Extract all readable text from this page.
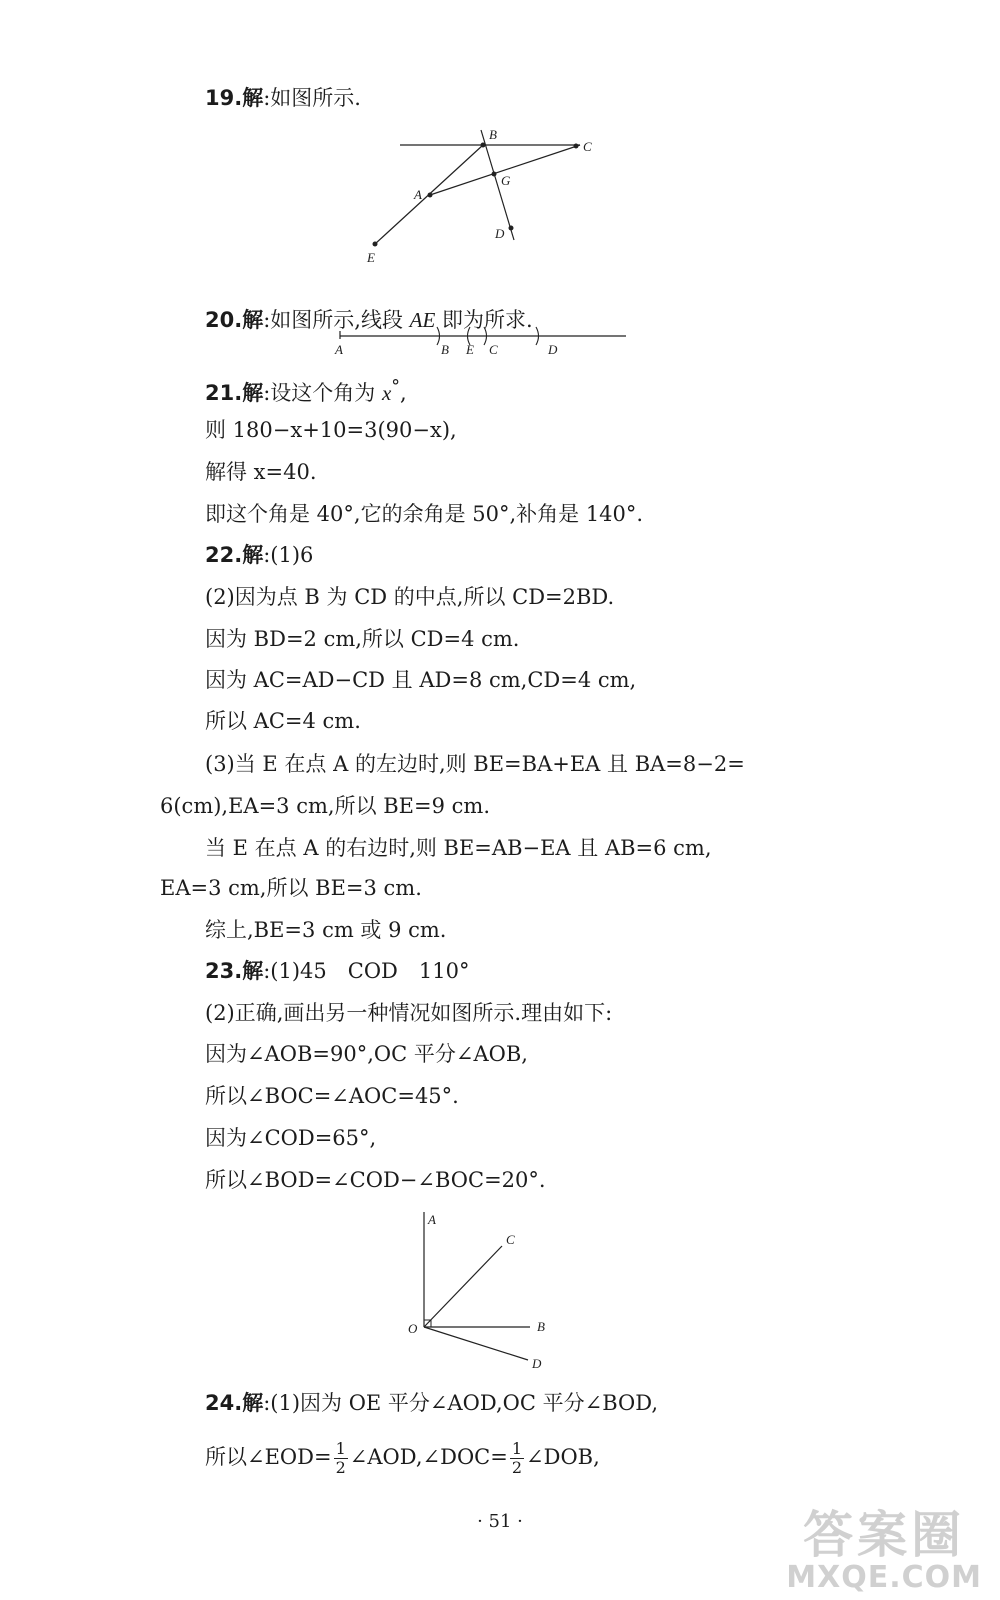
19.解:如图所示.
B
C
A
G
D
E
20.解:如图所示,线段 AE 即为所求.
A	B E C	D
21.解:设这个角为 x°,
则 180−x+10=3(90−x),
解得 x=40.
即这个角是 40°,它的余角是 50°,补角是 140°.
22.解:(1)6
(2)因为点 B 为 CD 的中点,所以 CD=2BD.
因为 BD=2 cm,所以 CD=4 cm.
因为 AC=AD−CD 且 AD=8 cm,CD=4 cm,
所以 AC=4 cm.
(3)当 E 在点 A 的左边时,则 BE=BA+EA 且 BA=8−2=
6(cm),EA=3 cm,所以 BE=9 cm.
当 E 在点 A 的右边时,则 BE=AB−EA 且 AB=6 cm,
EA=3 cm,所以 BE=3 cm.
综上,BE=3 cm 或 9 cm.
23.解:(1)45　COD　110°
(2)正确,画出另一种情况如图所示.理由如下:
因为∠AOB=90°,OC 平分∠AOB,
所以∠BOC=∠AOC=45°.
因为∠COD=65°,
所以∠BOD=∠COD−∠BOC=20°.
A
C
O	B
D
24.解:(1)因为 OE 平分∠AOD,OC 平分∠BOD,
所以∠EOD= $\frac{1}{2}$ ∠AOD,∠DOC= $\frac{1}{2}$ ∠DOB,
· 51 ·	答案圈
MXQE.COM
